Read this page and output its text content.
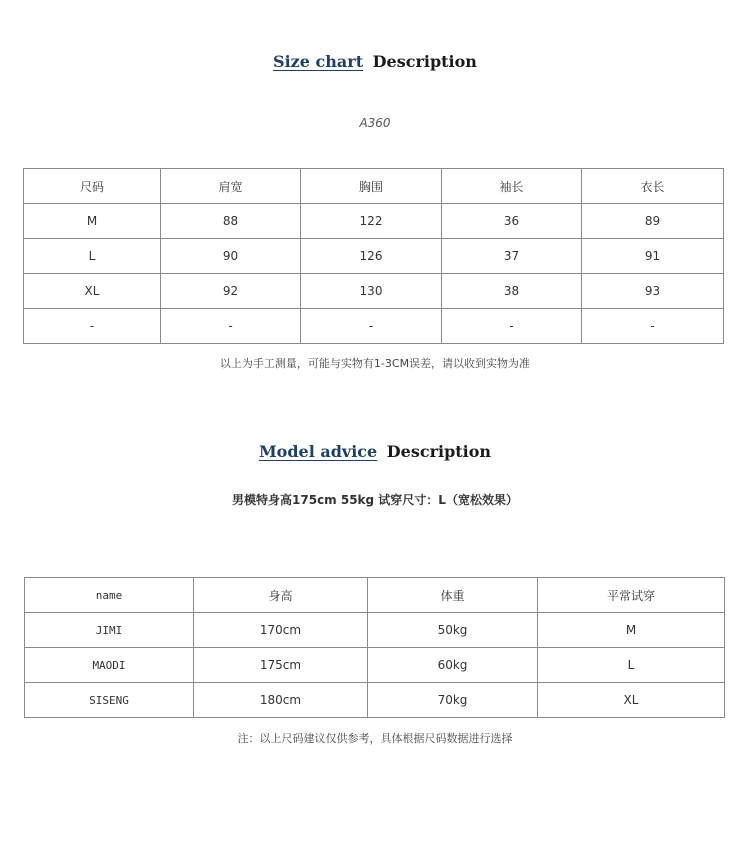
Size chart Description
A360
尺码	肩宽	胸围	袖长	衣长
M	88	122	36	89
L	90	126	37	91
XL	92	130	38	93
-	-	-	-	-
以上为手工测量，可能与实物有1-3CM误差，请以收到实物为准
Model advice Description
男模特身高175cm 55kg 试穿尺寸：L（宽松效果）
name	身高	体重	平常试穿
JIMI	170cm	50kg	M
MAODI	175cm	60kg	L
SISENG	180cm	70kg	XL
注：以上尺码建议仅供参考，具体根据尺码数据进行选择
